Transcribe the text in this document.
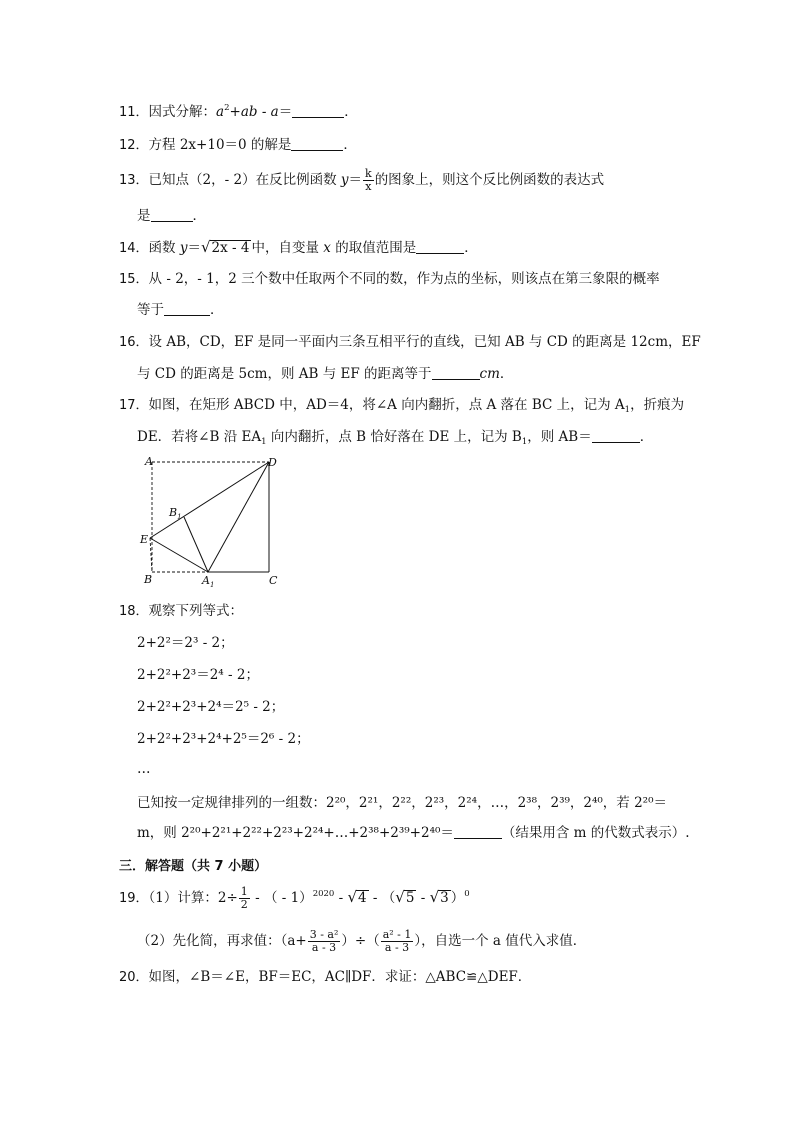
11．因式分解：$a^2+ab - a=$	．
12．方程 2x+10＝0 的解是	．
13．已知点（2，- 2）在反比例函数 $y= \frac{k}{x}$ 的图象上，则这个反比例函数的表达式
是	．
14．函数 y＝√2x - 4 中，自变量 x 的取值范围是	．
15．从 - 2，- 1，2 三个数中任取两个不同的数，作为点的坐标，则该点在第三象限的概率
等于	．
16．设 AB，CD，EF 是同一平面内三条互相平行的直线，已知 AB 与 CD 的距离是 12cm，EF
与 CD 的距离是 5cm，则 AB 与 EF 的距离等于	cm．
17．如图，在矩形 ABCD 中，AD＝4，将∠A 向内翻折，点 A 落在 BC 上，记为 $A_1$，折痕为
DE．若将∠B 沿 $EA_1$ 向内翻折，点 B 恰好落在 DE 上，记为 $B_1$，则 AB＝	．
A	D
$B_1$
E
B	$A_1$	C
18．观察下列等式：
2+2²＝2³ - 2；
2+2²+2³＝2⁴ - 2；
2+2²+2³+2⁴＝2⁵ - 2；
2+2²+2³+2⁴+2⁵＝2⁶ - 2；
…
已知按一定规律排列的一组数：2²⁰，2²¹，2²²，2²³，2²⁴，…，2³⁸，2³⁹，2⁴⁰，若 2²⁰＝
m，则 2²⁰+2²¹+2²²+2²³+2²⁴+…+2³⁸+2³⁹+2⁴⁰＝	（结果用含 m 的代数式表示）.
三．解答题（共 7 小题）
19．（1）计算：$2\div \frac{1}{2}$ - （ - 1）$^{2020}$ - √4 - （√5 - √3 ）$^0$
（2）先化简，再求值：（$a+ \frac{\text{3 - a²}}{a - 3}$ ）÷（ $\frac{\text{a² - 1}}{a - 3}$ ），自选一个 a 值代入求值．
20．如图，∠B＝∠E，BF＝EC，AC∥DF．求证：△ABC≌△DEF．
